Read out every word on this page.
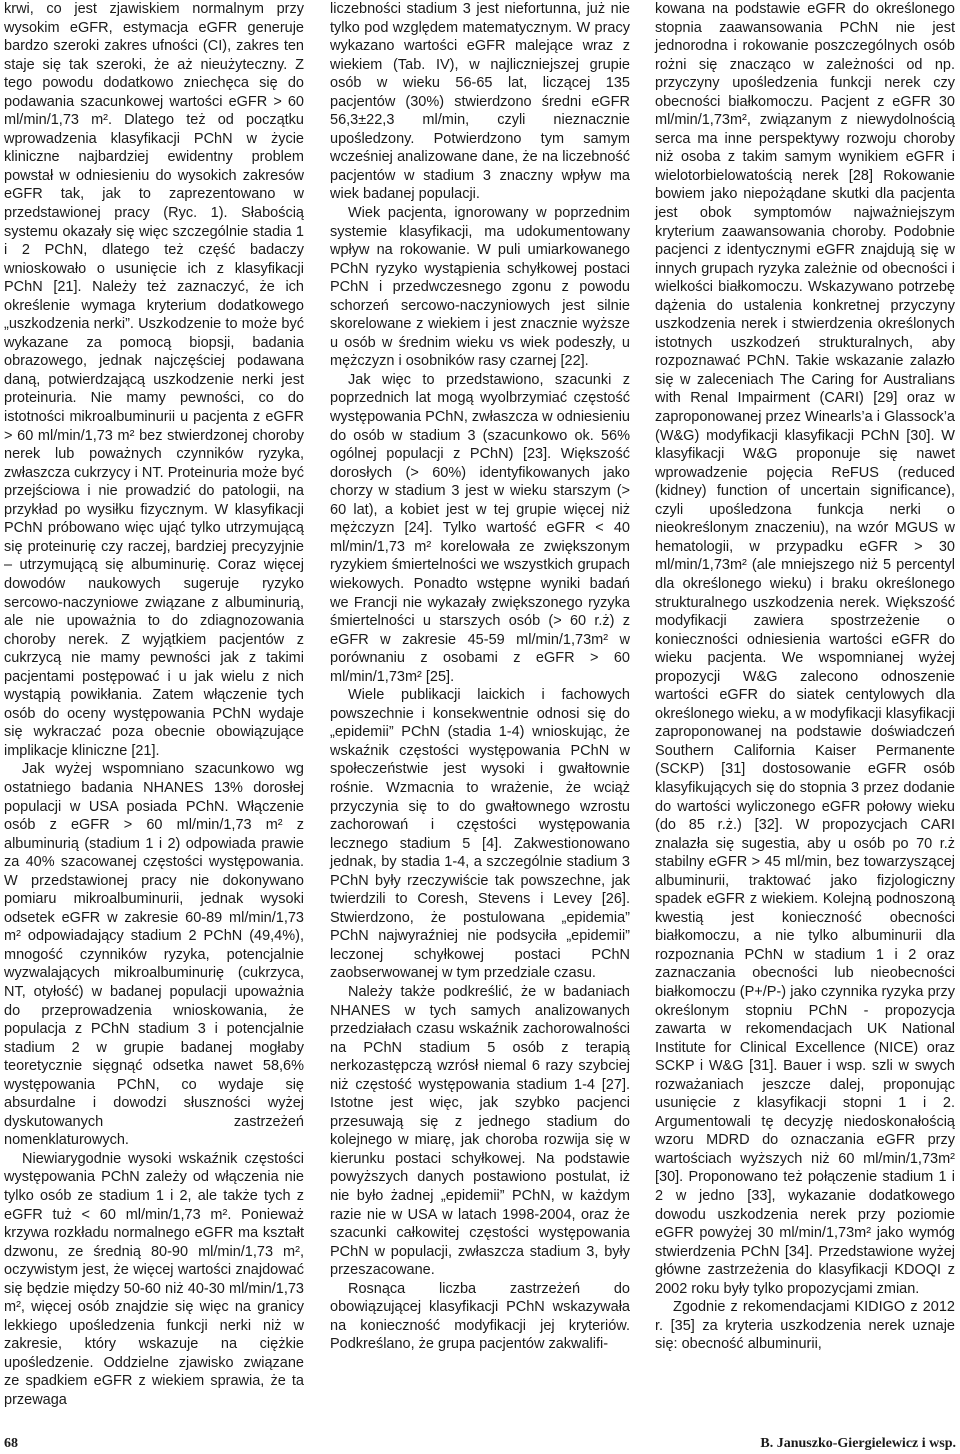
krwi, co jest zjawiskiem normalnym przy wysokim eGFR, estymacja eGFR generuje bardzo szeroki zakres ufności (CI), zakres ten staje się tak szeroki, że aż nieużyteczny. Z tego powodu dodatkowo zniechęca się do podawania szacunkowej wartości eGFR > 60 ml/min/1,73 m². Dlatego też od początku wprowadzenia klasyfikacji PChN w życie kliniczne najbardziej ewidentny problem powstał w odniesieniu do wysokich zakresów eGFR tak, jak to zaprezentowano w przedstawionej pracy (Ryc. 1). Słabością systemu okazały się więc szczególnie stadia 1 i 2 PChN, dlatego też część badaczy wnioskowało o usunięcie ich z klasyfikacji PChN [21]. Należy też zaznaczyć, że ich określenie wymaga kryterium dodatkowego „uszkodzenia nerki”. Uszkodzenie to może być wykazane za pomocą biopsji, badania obrazowego, jednak najczęściej podawana daną, potwierdzającą uszkodzenie nerki jest proteinuria. Nie mamy pewności, co do istotności mikroalbuminurii u pacjenta z eGFR > 60 ml/min/1,73 m² bez stwierdzonej choroby nerek lub poważnych czynników ryzyka, zwłaszcza cukrzycy i NT. Proteinuria może być przejściowa i nie prowadzić do patologii, na przykład po wysiłku fizycznym. W klasyfikacji PChN próbowano więc ująć tylko utrzymującą się proteinurię czy raczej, bardziej precyzyjnie – utrzymującą się albuminurię. Coraz więcej dowodów naukowych sugeruje ryzyko sercowo-naczyniowe związane z albuminurią, ale nie upoważnia to do zdiagnozowania choroby nerek. Z wyjątkiem pacjentów z cukrzycą nie mamy pewności jak z takimi pacjentami postępować i u jak wielu z nich wystąpią powikłania. Zatem włączenie tych osób do oceny występowania PChN wydaje się wykraczać poza obecnie obowiązujące implikacje kliniczne [21].

Jak wyżej wspomniano szacunkowo wg ostatniego badania NHANES 13% dorosłej populacji w USA posiada PChN. Włączenie osób z eGFR > 60 ml/min/1,73 m² z albuminurią (stadium 1 i 2) odpowiada prawie za 40% szacowanej częstości występowania. W przedstawionej pracy nie dokonywano pomiaru mikroalbuminurii, jednak wysoki odsetek eGFR w zakresie 60-89 ml/min/1,73 m² odpowiadający stadium 2 PChN (49,4%), mnogość czynników ryzyka, potencjalnie wyzwalających mikroalbuminurię (cukrzyca, NT, otyłość) w badanej populacji upoważnia do przeprowadzenia wnioskowania, że populacja z PChN stadium 3 i potencjalnie stadium 2 w grupie badanej mogłaby teoretycznie sięgnąć odsetka nawet 58,6% występowania PChN, co wydaje się absurdalne i dowodzi słuszności wyżej dyskutowanych zastrzeżeń nomenklaturowych.

Niewiarygodnie wysoki wskaźnik częstości występowania PChN zależy od włączenia nie tylko osób ze stadium 1 i 2, ale także tych z eGFR tuż < 60 ml/min/1,73 m². Ponieważ krzywa rozkładu normalnego eGFR ma kształt dzwonu, ze średnią 80-90 ml/min/1,73 m², oczywistym jest, że więcej wartości znajdować się będzie między 50-60 niż 40-30 ml/min/1,73 m², więcej osób znajdzie się więc na granicy lekkiego upośledzenia funkcji nerki niż w zakresie, który wskazuje na ciężkie upośledzenie. Oddzielne zjawisko związane ze spadkiem eGFR z wiekiem sprawia, że ta przewaga

liczebności stadium 3 jest niefortunna, już nie tylko pod względem matematycznym. W pracy wykazano wartości eGFR malejące wraz z wiekiem (Tab. IV), w najliczniejszej grupie osób w wieku 56-65 lat, liczącej 135 pacjentów (30%) stwierdzono średni eGFR 56,3±22,3 ml/min, czyli nieznacznie upośledzony. Potwierdzono tym samym wcześniej analizowane dane, że na liczebność pacjentów w stadium 3 znaczny wpływ ma wiek badanej populacji.

Wiek pacjenta, ignorowany w poprzednim systemie klasyfikacji, ma udokumentowany wpływ na rokowanie. W puli umiarkowanego PChN ryzyko wystąpienia schyłkowej postaci PChN i przedwczesnego zgonu z powodu schorzeń sercowo-naczyniowych jest silnie skorelowane z wiekiem i jest znacznie wyższe u osób w średnim wieku vs wiek podeszły, u mężczyzn i osobników rasy czarnej [22].

Jak więc to przedstawiono, szacunki z poprzednich lat mogą wyolbrzymiać częstość występowania PChN, zwłaszcza w odniesieniu do osób w stadium 3 (szacunkowo ok. 56% ogólnej populacji z PChN) [23]. Większość dorosłych (> 60%) identyfikowanych jako chorzy w stadium 3 jest w wieku starszym (> 60 lat), a kobiet jest w tej grupie więcej niż mężczyzn [24]. Tylko wartość eGFR < 40 ml/min/1,73 m² korelowała ze zwiększonym ryzykiem śmiertelności we wszystkich grupach wiekowych. Ponadto wstępne wyniki badań we Francji nie wykazały zwiększonego ryzyka śmiertelności u starszych osób (> 60 r.ż) z eGFR w zakresie 45-59 ml/min/1,73m² w porównaniu z osobami z eGFR > 60 ml/min/1,73m² [25].

Wiele publikacji laickich i fachowych powszechnie i konsekwentnie odnosi się do „epidemii” PChN (stadia 1-4) wnioskując, że wskaźnik częstości występowania PChN w społeczeństwie jest wysoki i gwałtownie rośnie. Wzmacnia to wrażenie, że wciąż przyczynia się to do gwałtownego wzrostu zachorowań i częstości występowania lecznego stadium 5 [4]. Zakwestionowano jednak, by stadia 1-4, a szczególnie stadium 3 PChN były rzeczywiście tak powszechne, jak twierdzili to Coresh, Stevens i Levey [26]. Stwierdzono, że postulowana „epidemia” PChN najwyraźniej nie podsyciła „epidemii” leczonej schyłkowej postaci PChN zaobserwowanej w tym przedziale czasu.

Należy także podkreślić, że w badaniach NHANES w tych samych analizowanych przedziałach czasu wskaźnik zachorowalności na PChN stadium 5 osób z terapią nerkozastępczą wzrósł niemal 6 razy szybciej niż częstość występowania stadium 1-4 [27]. Istotne jest więc, jak szybko pacjenci przesuwają się z jednego stadium do kolejnego w miarę, jak choroba rozwija się w kierunku postaci schyłkowej. Na podstawie powyższych danych postawiono postulat, iż nie było żadnej „epidemii” PChN, w każdym razie nie w USA w latach 1998-2004, oraz że szacunki całkowitej częstości występowania PChN w populacji, zwłaszcza stadium 3, były przeszacowane.

Rosnąca liczba zastrzeżeń do obowiązującej klasyfikacji PChN wskazywała na konieczność modyfikacji jej kryteriów. Podkreślano, że grupa pacjentów zakwalifi-

kowana na podstawie eGFR do określonego stopnia zaawansowania PChN nie jest jednorodna i rokowanie poszczególnych osób rożni się znacząco w zależności od np. przyczyny upośledzenia funkcji nerek czy obecności białkomoczu. Pacjent z eGFR 30 ml/min/1,73m², związanym z niewydolnością serca ma inne perspektywy rozwoju choroby niż osoba z takim samym wynikiem eGFR i wielotorbielowatością nerek [28] Rokowanie bowiem jako niepożądane skutki dla pacjenta jest obok symptomów najważniejszym kryterium zaawansowania choroby. Podobnie pacjenci z identycznymi eGFR znajdują się w innych grupach ryzyka zależnie od obecności i wielkości białkomoczu. Wskazywano potrzebę dążenia do ustalenia konkretnej przyczyny uszkodzenia nerek i stwierdzenia określonych istotnych uszkodzeń strukturalnych, aby rozpoznawać PChN. Takie wskazanie zalazło się w zaleceniach The Caring for Australians with Renal Impairment (CARI) [29] oraz w zaproponowanej przez Winearls’a i Glassock’a (W&G) modyfikacji klasyfikacji PChN [30]. W klasyfikacji W&G proponuje się nawet wprowadzenie pojęcia ReFUS (reduced (kidney) function of uncertain significance), czyli upośledzona funkcja nerki o nieokreślonym znaczeniu), na wzór MGUS w hematologii, w przypadku eGFR > 30 ml/min/1,73m² (ale mniejszego niż 5 percentyl dla określonego wieku) i braku określonego strukturalnego uszkodzenia nerek. Większość modyfikacji zawiera spostrzeżenie o konieczności odniesienia wartości eGFR do wieku pacjenta. We wspomnianej wyżej propozycji W&G zalecono odnoszenie wartości eGFR do siatek centylowych dla określonego wieku, a w modyfikacji klasyfikacji zaproponowanej na podstawie doświadczeń Southern California Kaiser Permanente (SCKP) [31] dostosowanie eGFR osób klasyfikujących się do stopnia 3 przez dodanie do wartości wyliczonego eGFR połowy wieku (do 85 r.ż.) [32]. W propozycjach CARI znalazła się sugestia, aby u osób po 70 r.ż stabilny eGFR > 45 ml/min, bez towarzyszącej albuminurii, traktować jako fizjologiczny spadek eGFR z wiekiem. Kolejną podnoszoną kwestią jest konieczność obecności białkomoczu, a nie tylko albuminurii dla rozpoznania PChN w stadium 1 i 2 oraz zaznaczania obecności lub nieobecności białkomoczu (P+/P-) jako czynnika ryzyka przy określonym stopniu PChN - propozycja zawarta w rekomendacjach UK National Institute for Clinical Excellence (NICE) oraz SCKP i W&G [31]. Bauer i wsp. szli w swych rozważaniach jeszcze dalej, proponując usunięcie z klasyfikacji stopni 1 i 2. Argumentowali tę decyzję niedoskonałością wzoru MDRD do oznaczania eGFR przy wartościach wyższych niż 60 ml/min/1,73m² [30]. Proponowano też połączenie stadium 1 i 2 w jedno [33], wykazanie dodatkowego dowodu uszkodzenia nerek przy poziomie eGFR powyżej 30 ml/min/1,73m² jako wymóg stwierdzenia PChN [34]. Przedstawione wyżej główne zastrzeżenia do klasyfikacji KDOQI z 2002 roku były tylko propozycjami zmian.

Zgodnie z rekomendacjami KIDIGO z 2012 r. [35] za kryteria uszkodzenia nerek uznaje się: obecność albuminurii,

68	B. Januszko-Giergielewicz i wsp.
